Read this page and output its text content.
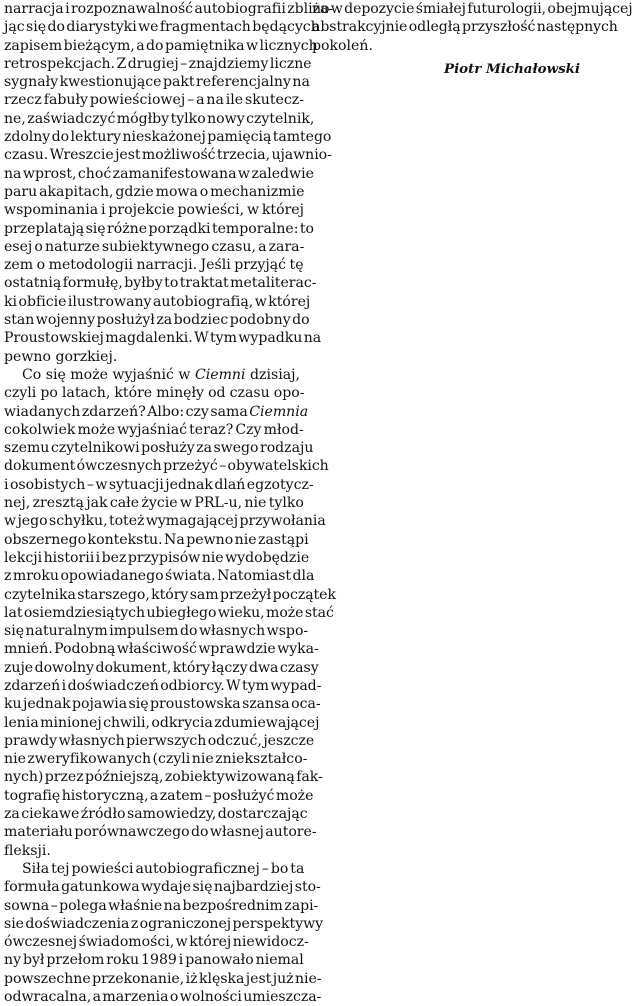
narracja i rozpoznawalność autobiografii zbliża-
jąc się do diarystyki we fragmentach będących
zapisem bieżącym, a do pamiętnika w licznych
retrospekcjach. Z drugiej – znajdziemy liczne
sygnały kwestionujące pakt referencjalny na
rzecz fabuły powieściowej – a na ile skutecz-
ne, zaświadczyć mógłby tylko nowy czytelnik,
zdolny do lektury nieskażonej pamięcią tamtego
czasu. Wreszcie jest możliwość trzecia, ujawnio-
na wprost, choć zamanifestowana w zaledwie
paru akapitach, gdzie mowa o mechanizmie
wspominania i projekcie powieści, w której
przeplatają się różne porządki temporalne: to
esej o naturze subiektywnego czasu, a zara-
zem o metodologii narracji. Jeśli przyjąć tę
ostatnią formułę, byłby to traktat metaliterac-
ki obficie ilustrowany autobiografią, w której
stan wojenny posłużył za bodziec podobny do
Proustowskiej magdalenki. W tym wypadku na
pewno gorzkiej.
Co się może wyjaśnić w Ciemni dzisiaj,
czyli po latach, które minęły od czasu opo-
wiadanych zdarzeń? Albo: czy sama Ciemnia
cokolwiek może wyjaśniać teraz? Czy młod-
szemu czytelnikowi posłuży za swego rodzaju
dokument ówczesnych przeżyć – obywatelskich
i osobistych – w sytuacji jednak dlań egzotycz-
nej, zresztą jak całe życie w PRL-u, nie tylko
w jego schyłku, toteż wymagającej przywołania
obszernego kontekstu. Na pewno nie zastąpi
lekcji historii i bez przypisów nie wydobędzie
z mroku opowiadanego świata. Natomiast dla
czytelnika starszego, który sam przeżył początek
lat osiemdziesiątych ubiegłego wieku, może stać
się naturalnym impulsem do własnych wspo-
mnień. Podobną właściwość wprawdzie wyka-
zuje dowolny dokument, który łączy dwa czasy
zdarzeń i doświadczeń odbiorcy. W tym wypad-
ku jednak pojawia się proustowska szansa oca-
lenia minionej chwili, odkrycia zdumiewającej
prawdy własnych pierwszych odczuć, jeszcze
nie zweryfikowanych (czyli nie zniekształco-
nych) przez późniejszą, zobiektywizowaną fak-
tografię historyczną, a zatem – posłużyć może
za ciekawe źródło samowiedzy, dostarczając
materiału porównawczego do własnej autore-
fleksji.
Siła tej powieści autobiograficznej – bo ta
formuła gatunkowa wydaje się najbardziej sto-
sowna – polega właśnie na bezpośrednim zapi-
sie doświadczenia z ograniczonej perspektywy
ówczesnej świadomości, w której niewidocz-
ny był przełom roku 1989 i panowało niemal
powszechne przekonanie, iż klęska jest już nie-
odwracalna, a marzenia o wolności umieszcza-
no w depozycie śmiałej futurologii, obejmującej
abstrakcyjnie odległą przyszłość następnych
pokoleń.
Piotr Michałowski
